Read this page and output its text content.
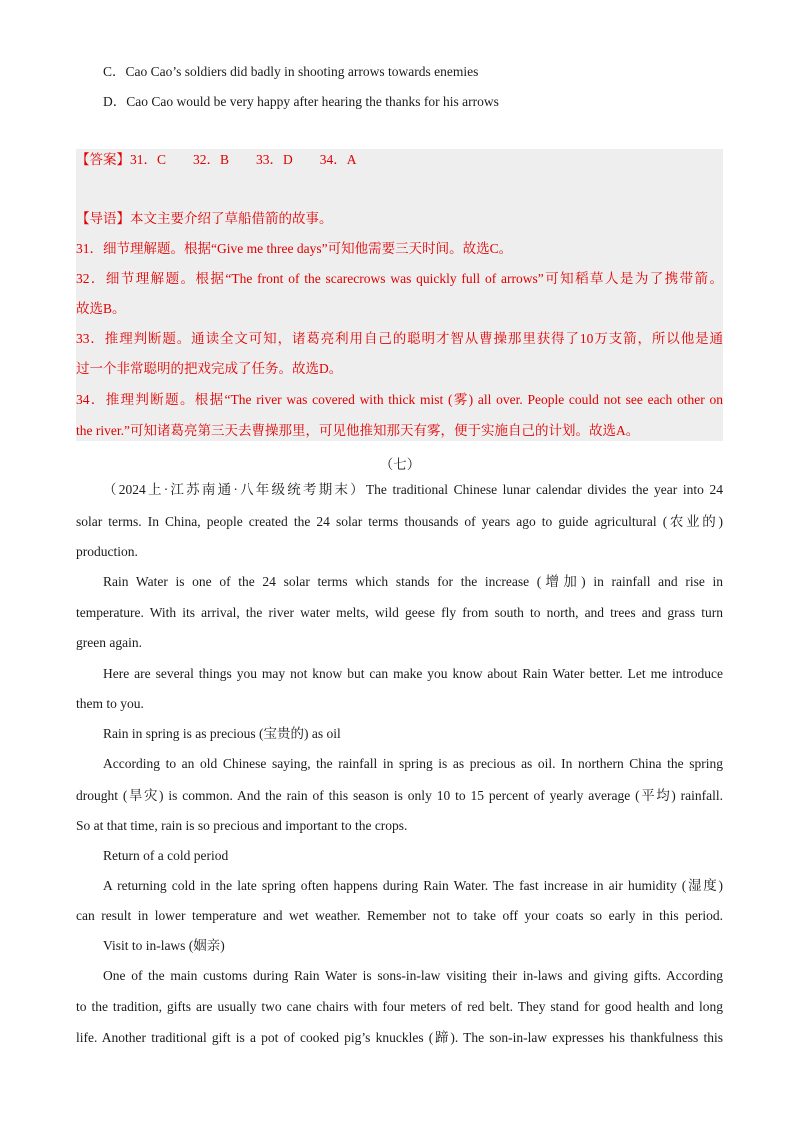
C．Cao Cao’s soldiers did badly in shooting arrows towards enemies
D．Cao Cao would be very happy after hearing the thanks for his arrows
【答案】31．C　　32．B　　33．D　　34．A
【导语】本文主要介绍了草船借箭的故事。
31．细节理解题。根据“Give me three days”可知他需要三天时间。故选C。
32．细节理解题。根据“The front of the scarecrows was quickly full of arrows”可知稻草人是为了携带箭。
故选B。
33．推理判断题。通读全文可知，诸葛亮利用自己的聪明才智从曹操那里获得了10万支箭，所以他是通
过一个非常聪明的把戏完成了任务。故选D。
34．推理判断题。根据“The river was covered with thick mist (雾) all over. People could not see each other on
the river.”可知诸葛亮第三天去曹操那里，可见他推知那天有雾，便于实施自己的计划。故选A。
（七）
（2024上·江苏南通·八年级统考期末）The traditional Chinese lunar calendar divides the year into 24
solar terms. In China, people created the 24 solar terms thousands of years ago to guide agricultural (农业的)
production.
Rain Water is one of the 24 solar terms which stands for the increase (增加) in rainfall and rise in
temperature. With its arrival, the river water melts, wild geese fly from south to north, and trees and grass turn
green again.
Here are several things you may not know but can make you know about Rain Water better. Let me introduce
them to you.
Rain in spring is as precious (宝贵的) as oil
According to an old Chinese saying, the rainfall in spring is as precious as oil. In northern China the spring
drought (旱灾) is common. And the rain of this season is only 10 to 15 percent of yearly average (平均) rainfall.
So at that time, rain is so precious and important to the crops.
Return of a cold period
A returning cold in the late spring often happens during Rain Water. The fast increase in air humidity (湿度)
can result in lower temperature and wet weather. Remember not to take off your coats so early in this period.
Visit to in-laws (姻亲)
One of the main customs during Rain Water is sons-in-law visiting their in-laws and giving gifts. According
to the tradition, gifts are usually two cane chairs with four meters of red belt. They stand for good health and long
life. Another traditional gift is a pot of cooked pig’s knuckles (蹄). The son-in-law expresses his thankfulness this
